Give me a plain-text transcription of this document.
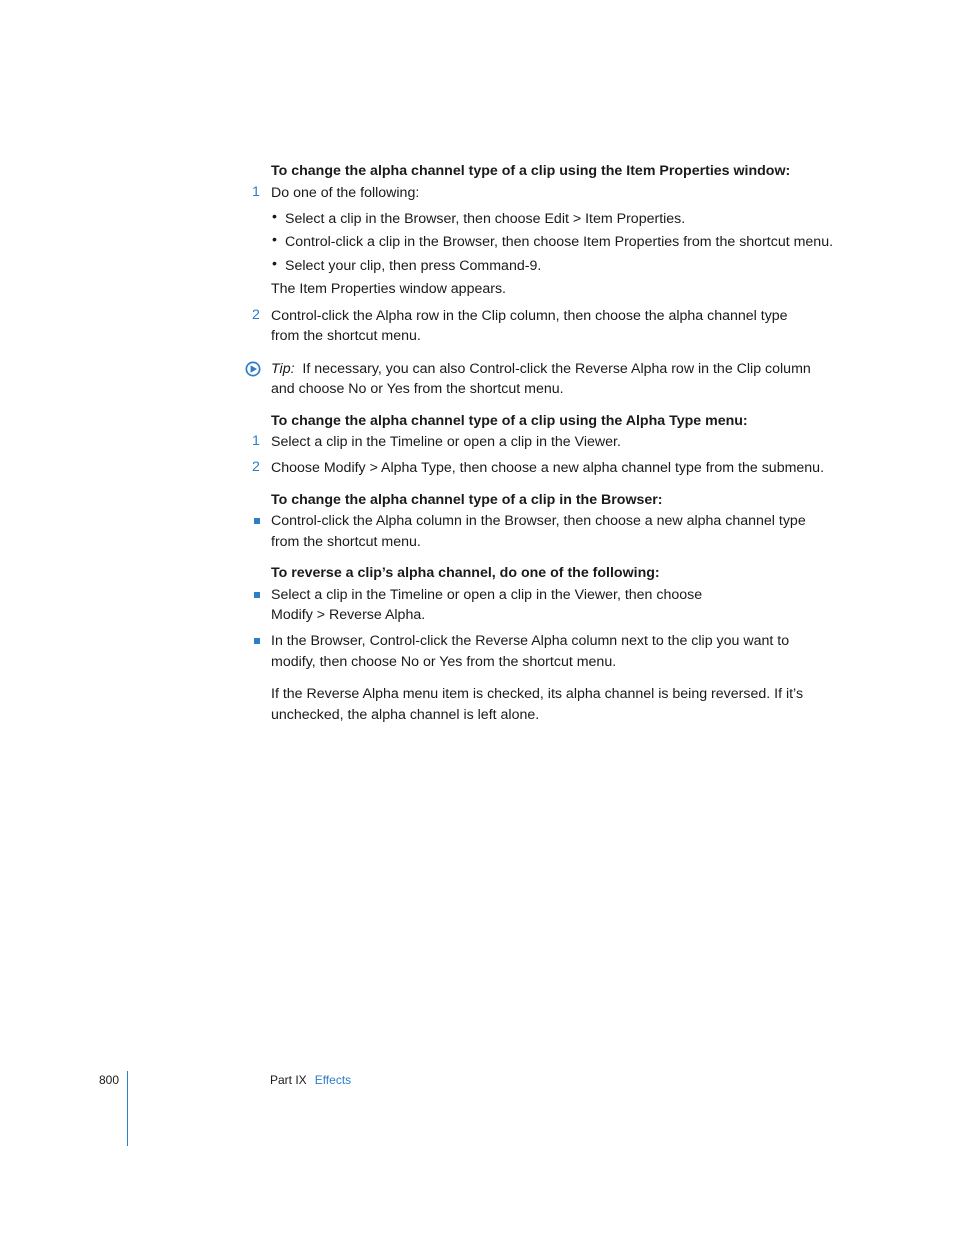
To change the alpha channel type of a clip using the Item Properties window:
1 Do one of the following:
• Select a clip in the Browser, then choose Edit > Item Properties.
• Control-click a clip in the Browser, then choose Item Properties from the shortcut menu.
• Select your clip, then press Command-9.
The Item Properties window appears.
2 Control-click the Alpha row in the Clip column, then choose the alpha channel type
from the shortcut menu.
Tip: If necessary, you can also Control-click the Reverse Alpha row in the Clip column
and choose No or Yes from the shortcut menu.
To change the alpha channel type of a clip using the Alpha Type menu:
1 Select a clip in the Timeline or open a clip in the Viewer.
2 Choose Modify > Alpha Type, then choose a new alpha channel type from the submenu.
To change the alpha channel type of a clip in the Browser:
Control-click the Alpha column in the Browser, then choose a new alpha channel type
from the shortcut menu.
To reverse a clip’s alpha channel, do one of the following:
Select a clip in the Timeline or open a clip in the Viewer, then choose
Modify > Reverse Alpha.
In the Browser, Control-click the Reverse Alpha column next to the clip you want to
modify, then choose No or Yes from the shortcut menu.
If the Reverse Alpha menu item is checked, its alpha channel is being reversed. If it’s
unchecked, the alpha channel is left alone.
800	Part IX Effects
